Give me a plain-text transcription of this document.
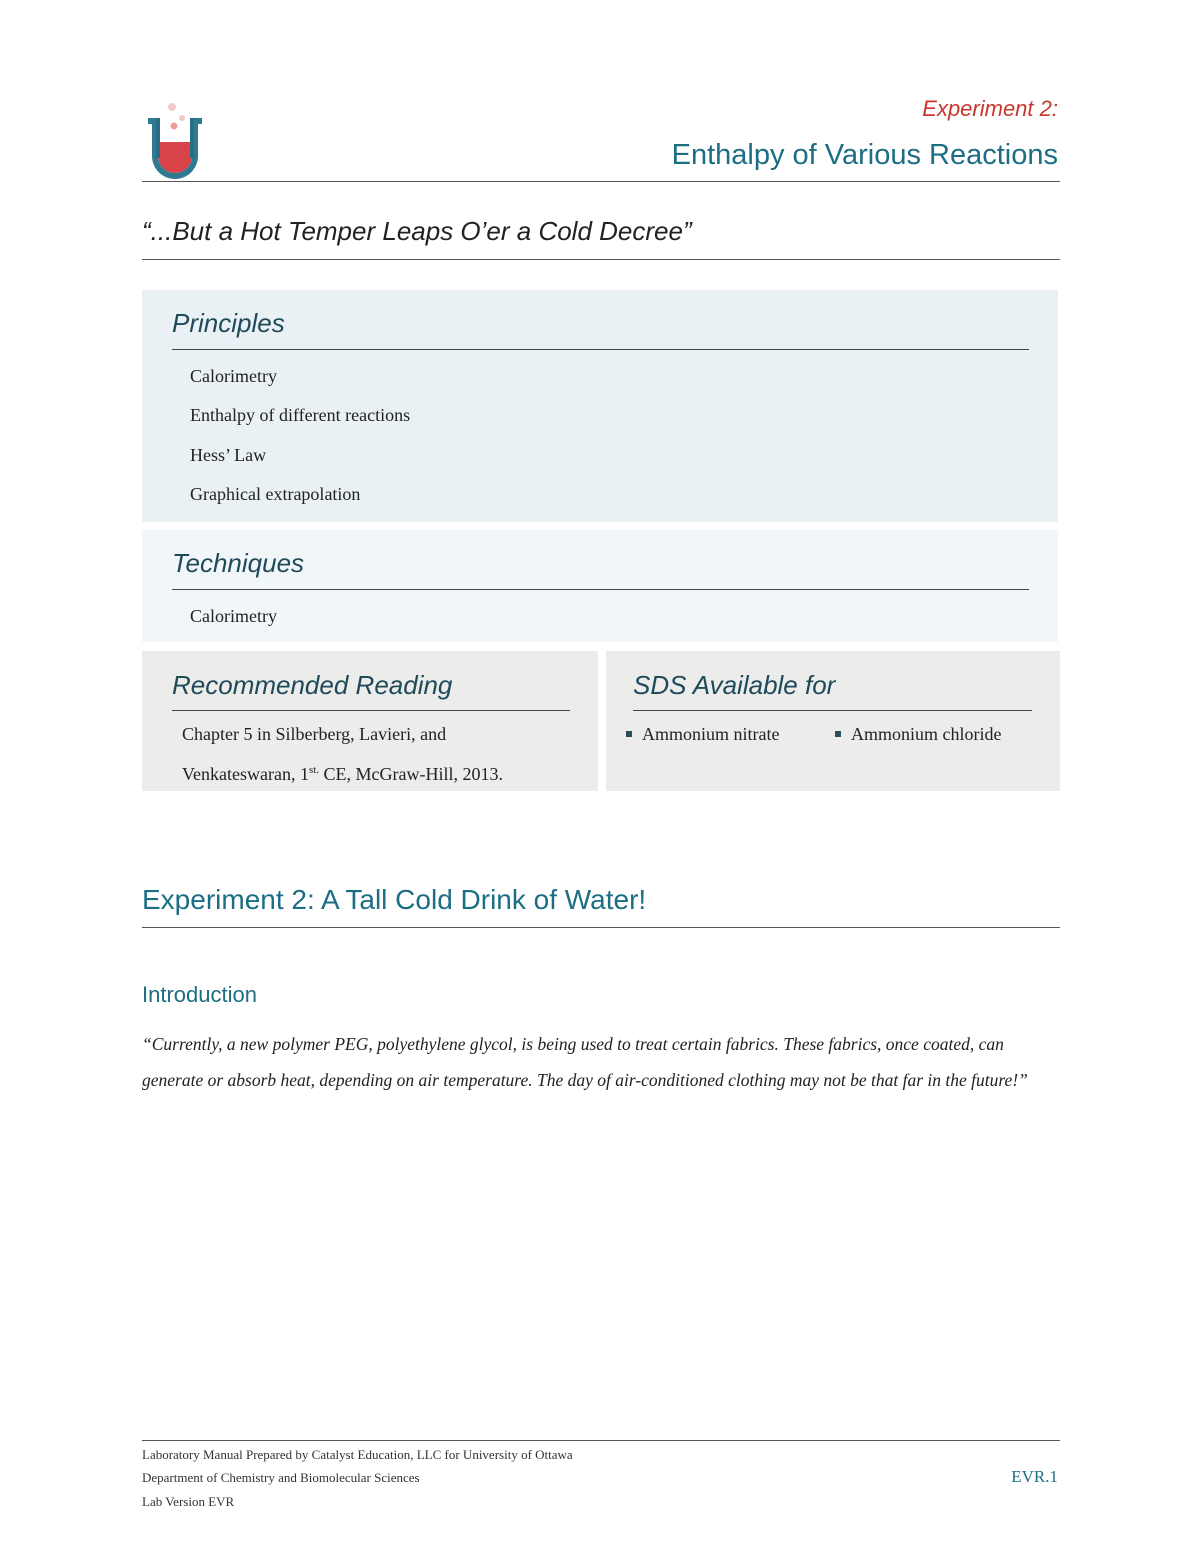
Experiment 2:
Enthalpy of Various Reactions
“...But a Hot Temper Leaps O’er a Cold Decree”
Principles
Calorimetry
Enthalpy of different reactions
Hess’ Law
Graphical extrapolation
Techniques
Calorimetry
Recommended Reading
Chapter 5 in Silberberg, Lavieri, and
Venkateswaran, $1^{st.}$ CE, McGraw-Hill, 2013.
SDS Available for
Ammonium nitrate	Ammonium chloride
Experiment 2: A Tall Cold Drink of Water!
Introduction
“Currently, a new polymer PEG, polyethylene glycol, is being used to treat certain fabrics. These fabrics, once coated, can generate or absorb heat, depending on air temperature. The day of air-conditioned clothing may not be that far in the future!”
Laboratory Manual Prepared by Catalyst Education, LLC for University of Ottawa
Department of Chemistry and Biomolecular Sciences
Lab Version EVR
EVR.1
